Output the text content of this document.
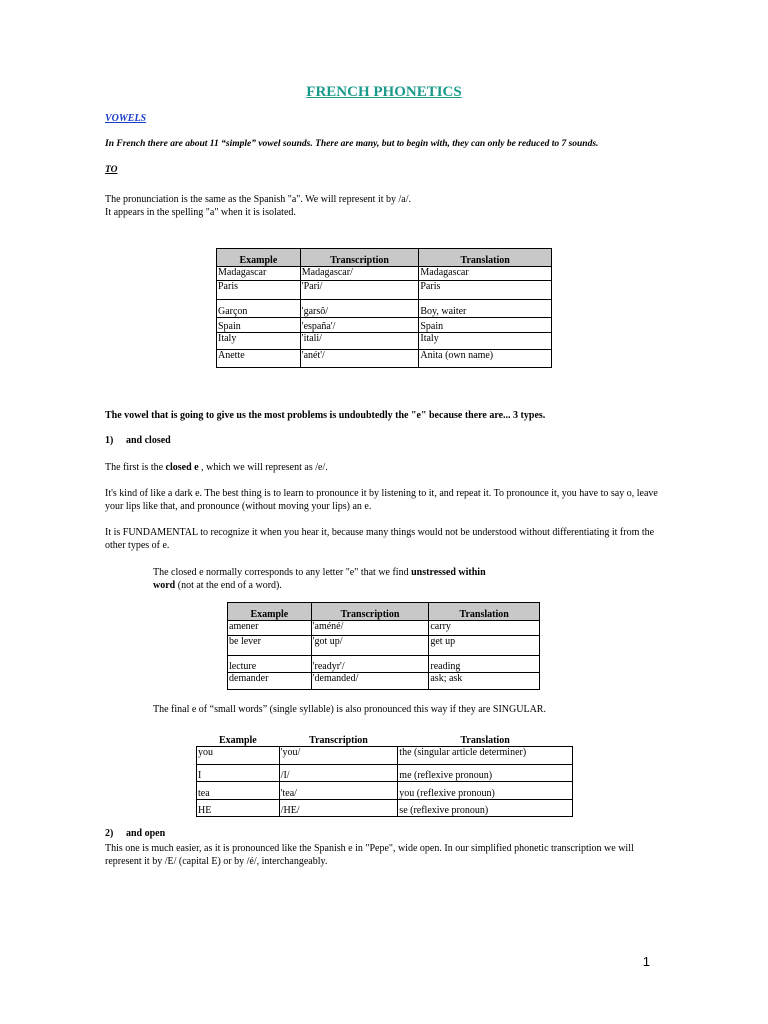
FRENCH PHONETICS
VOWELS
In French there are about 11 “simple” vowel sounds. There are many, but to begin with, they can only be reduced to 7 sounds.
TO
The pronunciation is the same as the Spanish "a". We will represent it by /a/.
It appears in the spelling "a" when it is isolated.
Example	Transcription	Translation
Madagascar	Madagascar/	Madagascar
Paris	'Pari/	Paris
Garçon	'garsô/	Boy, waiter
Spain	'españa'/	Spain
Italy	'itali/	Italy
Anette	'anét'/	Anita (own name)
The vowel that is going to give us the most problems is undoubtedly the "e" because there are... 3 types.
1) and closed
The first is the closed e , which we will represent as /e/.
It's kind of like a dark e. The best thing is to learn to pronounce it by listening to it, and repeat it. To pronounce it, you have to say o, leave your lips like that, and pronounce (without moving your lips) an e.
It is FUNDAMENTAL to recognize it when you hear it, because many things would not be understood without differentiating it from the other types of e.
The closed e normally corresponds to any letter "e" that we find unstressed within
word (not at the end of a word).
Example	Transcription	Translation
amener	'améné/	carry
be lever	'got up/	get up
lecture	'readyr'/	reading
demander	'demanded/	ask; ask
The final e of “small words” (single syllable) is also pronounced this way if they are SINGULAR.
Example	Transcription	Translation
you	'you/	the (singular article determiner)
I	/I/	me (reflexive pronoun)
tea	'tea/	you (reflexive pronoun)
HE	/HE/	se (reflexive pronoun)
2) and open
This one is much easier, as it is pronounced like the Spanish e in "Pepe", wide open. In our simplified phonetic transcription we will represent it by /E/ (capital E) or by /é/, interchangeably.
1
